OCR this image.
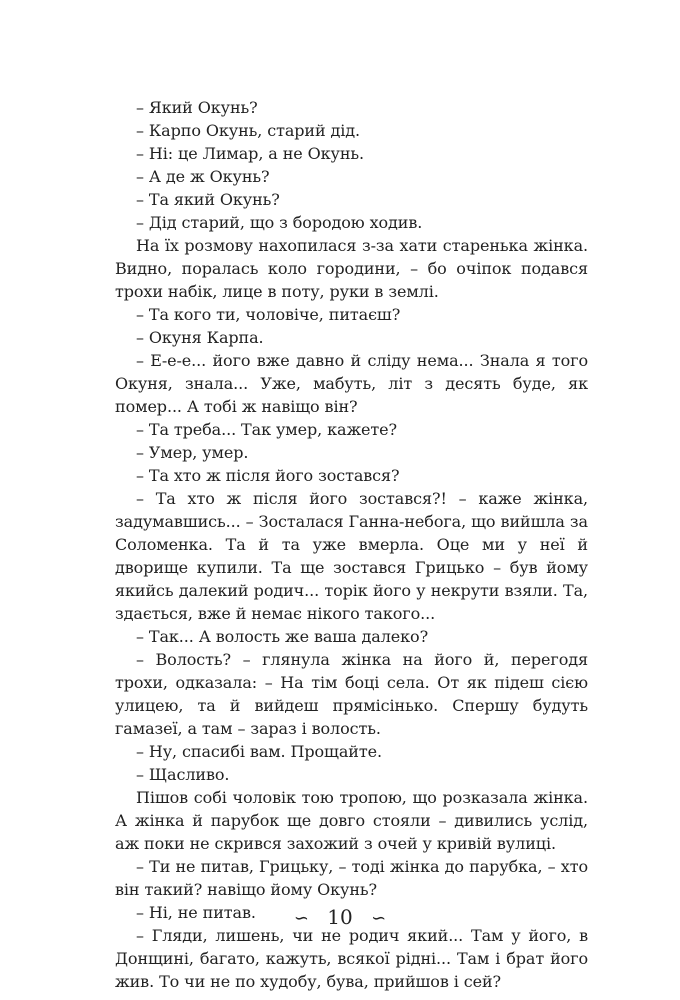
– Який Окунь?

– Карпо Окунь, старий дід.

– Ні: це Лимар, а не Окунь.

– А де ж Окунь?

– Та який Окунь?

– Дід старий, що з бородою ходив.

На їх розмову нахопилася з-за хати старенька жінка. Видно, поралась коло городини, – бо очіпок подався трохи набік, лице в поту, руки в землі.

– Та кого ти, чоловіче, питаєш?

– Окуня Карпа.

– Е-е-е... його вже давно й сліду нема... Знала я того Окуня, знала... Уже, мабуть, літ з десять буде, як помер... А тобі ж навіщо він?

– Та треба... Так умер, кажете?

– Умер, умер.

– Та хто ж після його зостався?

– Та хто ж після його зостався?! – каже жінка, задумавшись... – Зосталася Ганна-небога, що вийшла за Соломенка. Та й та уже вмерла. Оце ми у неї й дворище купили. Та ще зостався Грицько – був йому якийсь далекий родич... торік його у некрути взяли. Та, здається, вже й немає нікого такого...

– Так... А волость же ваша далеко?

– Волость? – глянула жінка на його й, перегодя трохи, одказала: – На тім боці села. От як підеш сією улицею, та й вийдеш прямісінько. Спершу будуть гамазеї, а там – зараз і волость.

– Ну, спасибі вам. Прощайте.

– Щасливо.

Пішов собі чоловік тою тропою, що розказала жінка. А жінка й парубок ще довго стояли – дивились услід, аж поки не скрився захожий з очей у кривій вулиці.

– Ти не питав, Грицьку, – тоді жінка до парубка, – хто він такий? навіщо йому Окунь?

– Ні, не питав.

– Гляди, лишень, чи не родич який... Там у його, в Донщині, багато, кажуть, всякої рідні... Там і брат його жив. То чи не по худобу, бува, прийшов і сей?

∽ 10 ∽
